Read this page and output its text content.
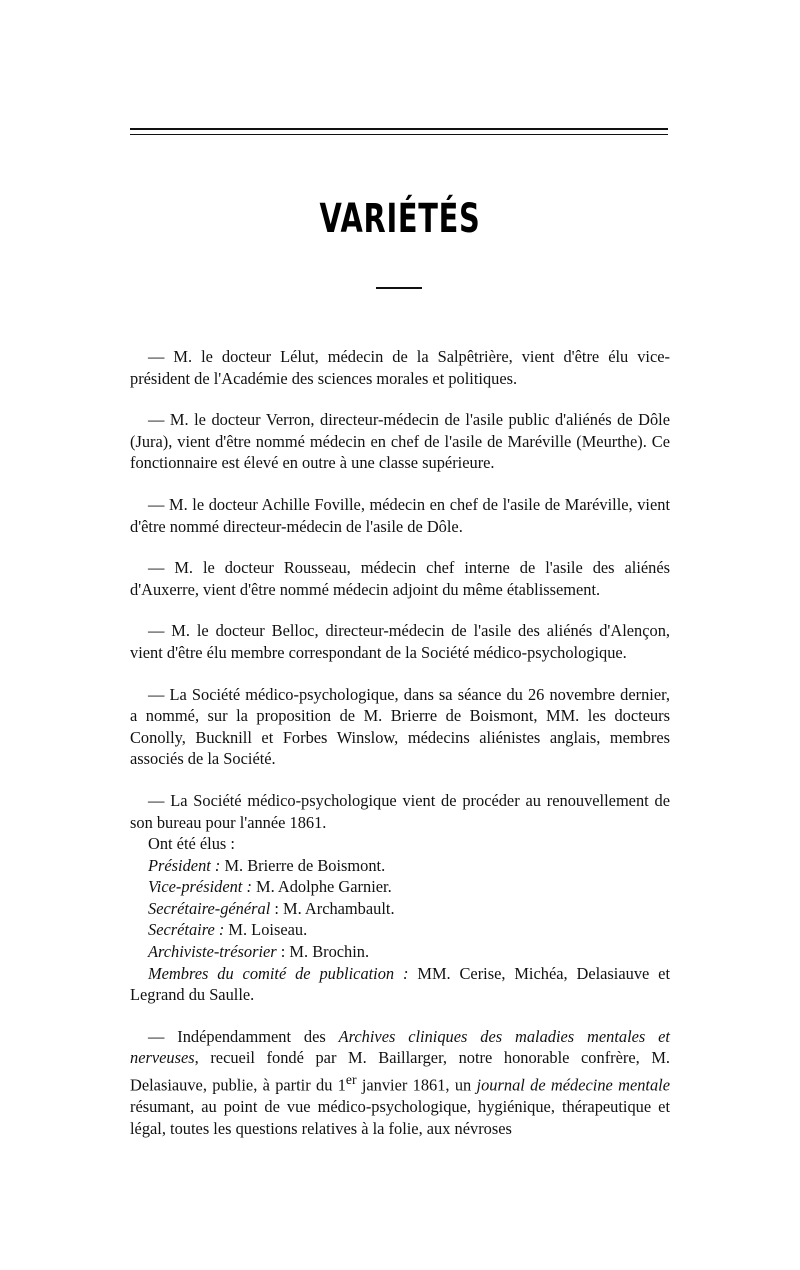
VARIÉTÉS

— M. le docteur Lélut, médecin de la Salpêtrière, vient d'être élu vice-président de l'Académie des sciences morales et politiques.

— M. le docteur Verron, directeur-médecin de l'asile public d'aliénés de Dôle (Jura), vient d'être nommé médecin en chef de l'asile de Maréville (Meurthe). Ce fonctionnaire est élevé en outre à une classe supérieure.

— M. le docteur Achille Foville, médecin en chef de l'asile de Maréville, vient d'être nommé directeur-médecin de l'asile de Dôle.

— M. le docteur Rousseau, médecin chef interne de l'asile des aliénés d'Auxerre, vient d'être nommé médecin adjoint du même établissement.

— M. le docteur Belloc, directeur-médecin de l'asile des aliénés d'Alençon, vient d'être élu membre correspondant de la Société médico-psychologique.

— La Société médico-psychologique, dans sa séance du 26 novembre dernier, a nommé, sur la proposition de M. Brierre de Boismont, MM. les docteurs Conolly, Bucknill et Forbes Winslow, médecins aliénistes anglais, membres associés de la Société.

— La Société médico-psychologique vient de procéder au renouvellement de son bureau pour l'année 1861.

Ont été élus :
Président : M. Brierre de Boismont.
Vice-président : M. Adolphe Garnier.
Secrétaire-général : M. Archambault.
Secrétaire : M. Loiseau.
Archiviste-trésorier : M. Brochin.
Membres du comité de publication : MM. Cerise, Michéa, Delasiauve et Legrand du Saulle.

— Indépendamment des Archives cliniques des maladies mentales et nerveuses, recueil fondé par M. Baillarger, notre honorable confrère, M. Delasiauve, publie, à partir du 1er janvier 1861, un journal de médecine mentale résumant, au point de vue médico-psychologique, hygiénique, thérapeutique et légal, toutes les questions relatives à la folie, aux névroses
